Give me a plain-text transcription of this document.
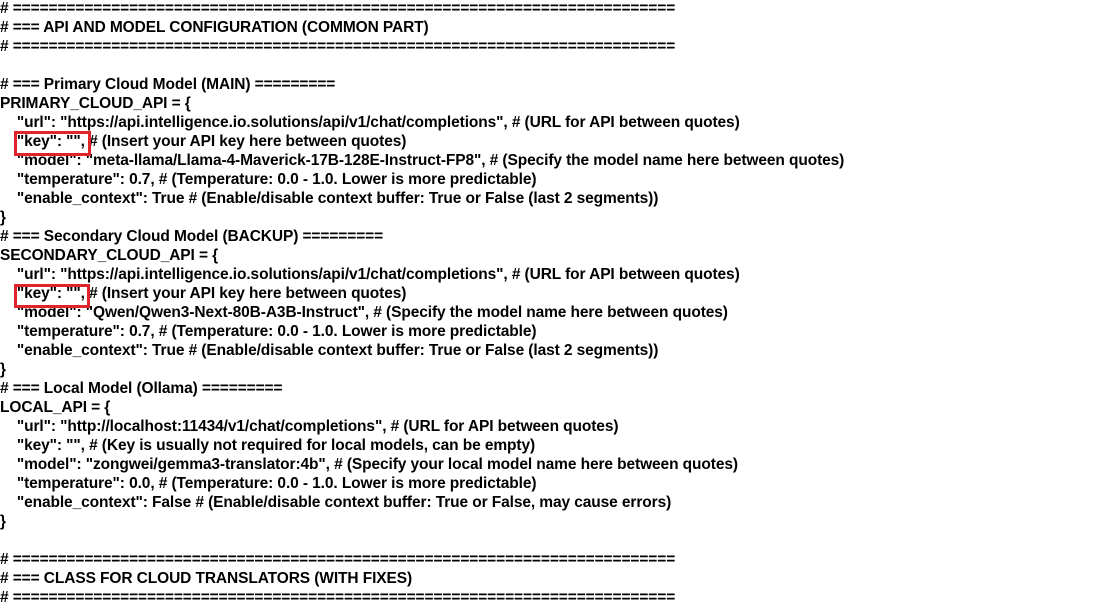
# ==========================================================================
# === API AND MODEL CONFIGURATION (COMMON PART)
# ==========================================================================
# === Primary Cloud Model (MAIN) =========
PRIMARY_CLOUD_API = {
"url": "https://api.intelligence.io.solutions/api/v1/chat/completions", # (URL for API between quotes)
"key": "", # (Insert your API key here between quotes)
"model": "meta-llama/Llama-4-Maverick-17B-128E-Instruct-FP8", # (Specify the model name here between quotes)
"temperature": 0.7, # (Temperature: 0.0 - 1.0. Lower is more predictable)
"enable_context": True # (Enable/disable context buffer: True or False (last 2 segments))
}
# === Secondary Cloud Model (BACKUP) =========
SECONDARY_CLOUD_API = {
"url": "https://api.intelligence.io.solutions/api/v1/chat/completions", # (URL for API between quotes)
"key": "", # (Insert your API key here between quotes)
"model": "Qwen/Qwen3-Next-80B-A3B-Instruct", # (Specify the model name here between quotes)
"temperature": 0.7, # (Temperature: 0.0 - 1.0. Lower is more predictable)
"enable_context": True # (Enable/disable context buffer: True or False (last 2 segments))
}
# === Local Model (Ollama) =========
LOCAL_API = {
"url": "http://localhost:11434/v1/chat/completions", # (URL for API between quotes)
"key": "", # (Key is usually not required for local models, can be empty)
"model": "zongwei/gemma3-translator:4b", # (Specify your local model name here between quotes)
"temperature": 0.0, # (Temperature: 0.0 - 1.0. Lower is more predictable)
"enable_context": False # (Enable/disable context buffer: True or False, may cause errors)
}
# ==========================================================================
# === CLASS FOR CLOUD TRANSLATORS (WITH FIXES)
# ==========================================================================
